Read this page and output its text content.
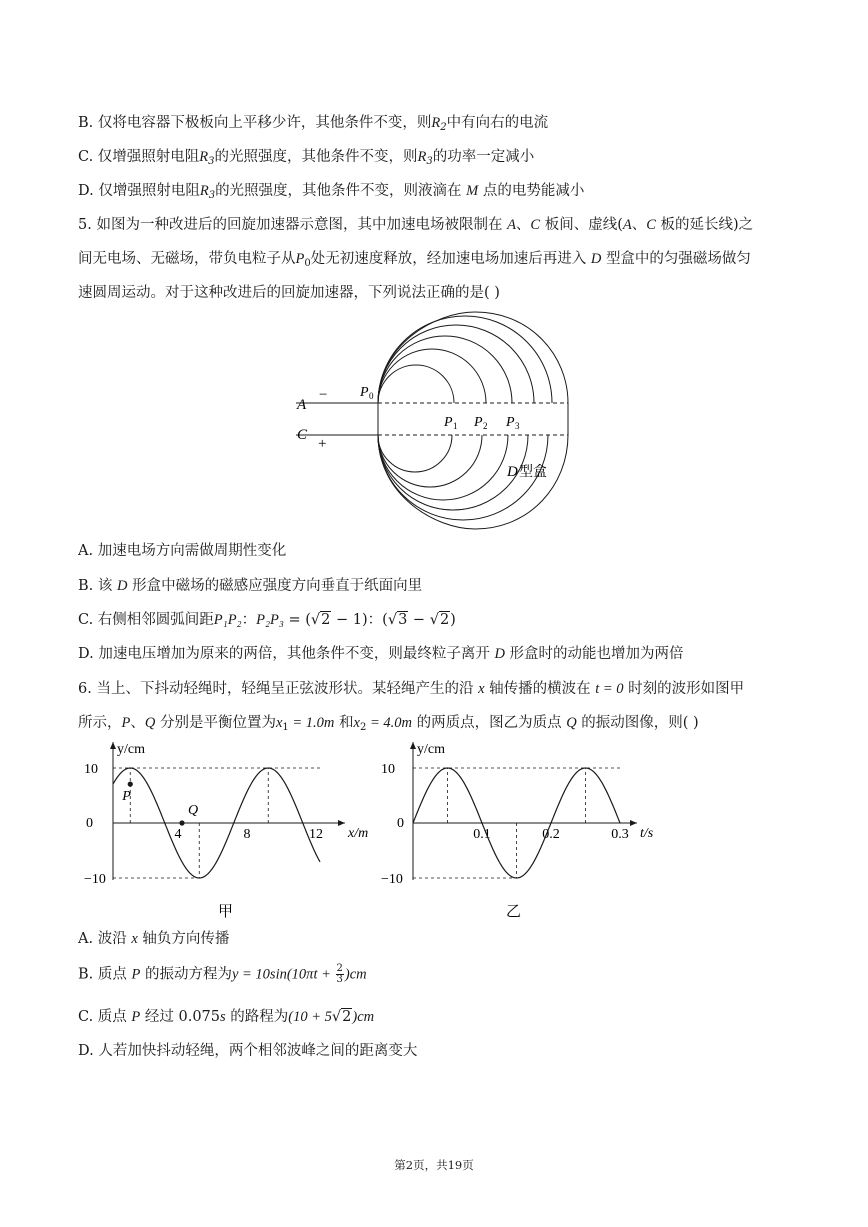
B. 仅将电容器下极板向上平移少许，其他条件不变，则$R_2$中有向右的电流
C. 仅增强照射电阻$R_3$的光照强度，其他条件不变，则$R_3$的功率一定减小
D. 仅增强照射电阻$R_3$的光照强度，其他条件不变，则液滴在 M 点的电势能减小
5. 如图为一种改进后的回旋加速器示意图，其中加速电场被限制在 A、C 板间、虚线(A、C 板的延长线)之
间无电场、无磁场，带负电粒子从$P_0$处无初速度释放，经加速电场加速后再进入 D 型盒中的匀强磁场做匀
速圆周运动。对于这种改进后的回旋加速器，下列说法正确的是( )
A
C
−
+
P 0
P 1 P 2 P 3
D 型盒
A. 加速电场方向需做周期性变化
B. 该 D 形盒中磁场的磁感应强度方向垂直于纸面向里
C. 右侧相邻圆弧间距P₁P₂：P₂P₃ = (√2 − 1)：(√3 − √2)
D. 加速电压增加为原来的两倍，其他条件不变，则最终粒子离开 D 形盒时的动能也增加为两倍
6. 当上、下抖动轻绳时，轻绳呈正弦波形状。某轻绳产生的沿 x 轴传播的横波在 t = 0 时刻的波形如图甲
所示，P、Q 分别是平衡位置为$x_1 = 1.0m$ 和$x_2 = 4.0m$ 的两质点，图乙为质点 Q 的振动图像，则( )
y/cm
x/m
0
10
−10
4	8	12
P
Q
甲
y/cm
t/s
0
10
−10
0.1	0.2	0.3
乙
A. 波沿 x 轴负方向传播
B. 质点 P 的振动方程为$y = 10\sin(10\pi t + \frac{2}{3} )cm$
C. 质点 P 经过 0.075s 的路程为(10 + 5√2)cm
D. 人若加快抖动轻绳，两个相邻波峰之间的距离变大
第2页，共19页
